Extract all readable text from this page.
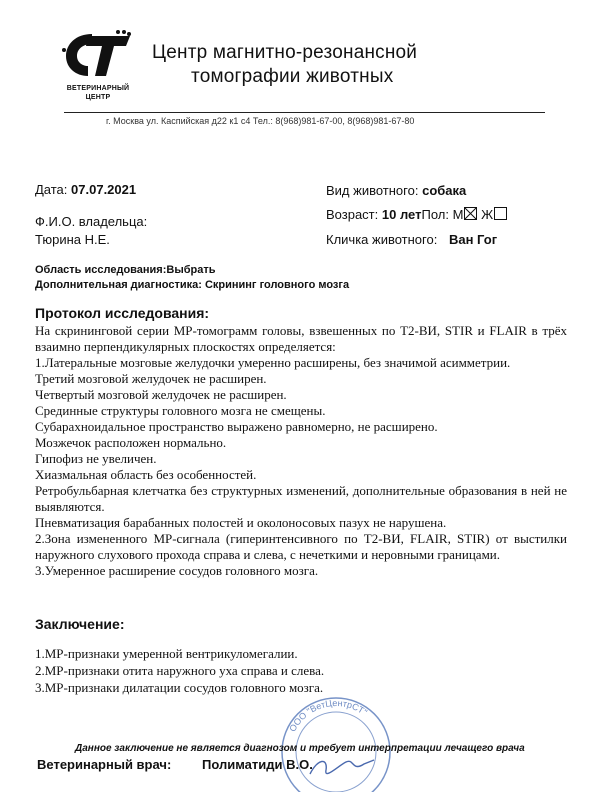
ВЕТЕРИНАРНЫЙ
ЦЕНТР
Центр магнитно-резонансной
томографии животных
г. Москва ул. Каспийская д22 к1 с4 Тел.: 8(968)981-67-00, 8(968)981-67-80
Дата: 07.07.2021
Ф.И.О. владельца:
Тюрина Н.Е.
Вид животного: собака
Возраст: 10 летПол: М Ж
Кличка животного: Ван Гог
Область исследования:Выбрать
Дополнительная диагностика: Скрининг головного мозга
Протокол исследования:

На скрининговой серии МР-томограмм головы, взвешенных по T2-ВИ, STIR и FLAIR в трёх взаимно перпендикулярных плоскостях определяется:

1.Латеральные мозговые желудочки умеренно расширены, без значимой асимметрии.

Третий мозговой желудочек не расширен.

Четвертый мозговой желудочек не расширен.

Срединные структуры головного мозга не смещены.

Субарахноидальное пространство выражено равномерно, не расширено.

Мозжечок расположен нормально.

Гипофиз не увеличен.

Хиазмальная область без особенностей.

Ретробульбарная клетчатка без структурных изменений, дополнительные образования в ней не выявляются.

Пневматизация барабанных полостей и околоносовых пазух не нарушена.

2.Зона измененного МР-сигнала (гиперинтенсивного по T2-ВИ, FLAIR, STIR) от выстилки наружного слухового прохода справа и слева, с нечеткими и неровными границами.

3.Умеренное расширение сосудов головного мозга.

Заключение:

1.МР-признаки умеренной вентрикуломегалии.

2.МР-признаки отита наружного уха справа и слева.

3.МР-признаки дилатации сосудов головного мозга.

ООО "ВетЦентрСТ"
Данное заключение не является диагнозом и требует интерпретации лечащего врача
Ветеринарный врач: Полиматиди В.О.
